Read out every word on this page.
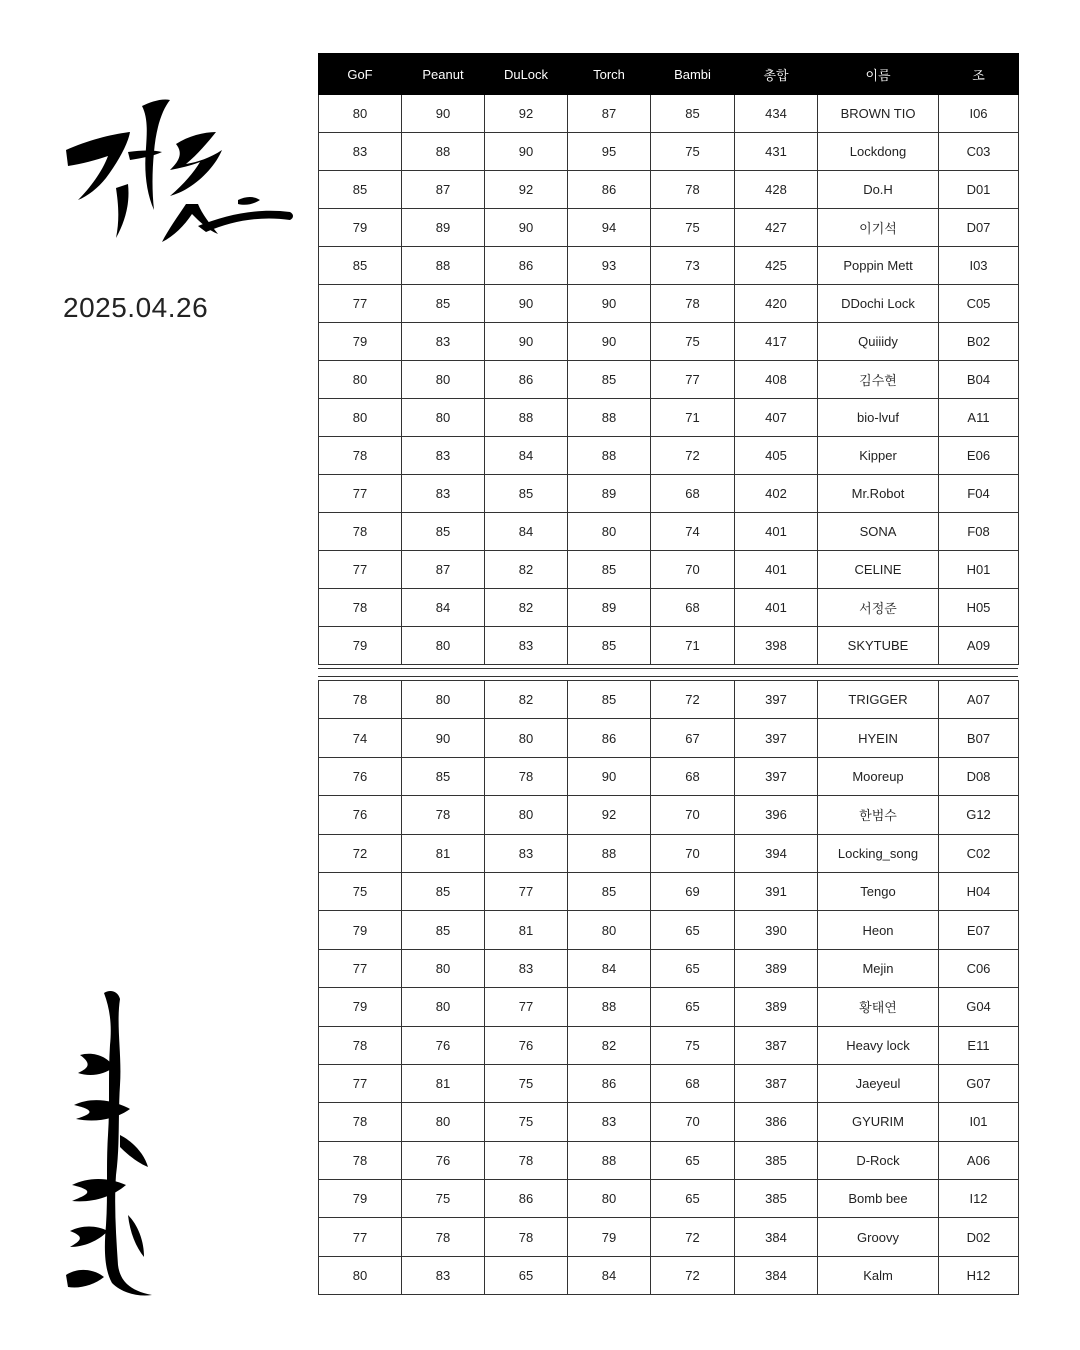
2025.04.26
GoF	Peanut	DuLock	Torch	Bambi	총합	이름	조
80	90	92	87	85	434	BROWN TIO	I06
83	88	90	95	75	431	Lockdong	C03
85	87	92	86	78	428	Do.H	D01
79	89	90	94	75	427	이기석	D07
85	88	86	93	73	425	Poppin Mett	I03
77	85	90	90	78	420	DDochi Lock	C05
79	83	90	90	75	417	Quiiidy	B02
80	80	86	85	77	408	김수현	B04
80	80	88	88	71	407	bio-lvuf	A11
78	83	84	88	72	405	Kipper	E06
77	83	85	89	68	402	Mr.Robot	F04
78	85	84	80	74	401	SONA	F08
77	87	82	85	70	401	CELINE	H01
78	84	82	89	68	401	서정준	H05
79	80	83	85	71	398	SKYTUBE	A09
78	80	82	85	72	397	TRIGGER	A07
74	90	80	86	67	397	HYEIN	B07
76	85	78	90	68	397	Mooreup	D08
76	78	80	92	70	396	한범수	G12
72	81	83	88	70	394	Locking_song	C02
75	85	77	85	69	391	Tengo	H04
79	85	81	80	65	390	Heon	E07
77	80	83	84	65	389	Mejin	C06
79	80	77	88	65	389	황태연	G04
78	76	76	82	75	387	Heavy lock	E11
77	81	75	86	68	387	Jaeyeul	G07
78	80	75	83	70	386	GYURIM	I01
78	76	78	88	65	385	D-Rock	A06
79	75	86	80	65	385	Bomb bee	I12
77	78	78	79	72	384	Groovy	D02
80	83	65	84	72	384	Kalm	H12
